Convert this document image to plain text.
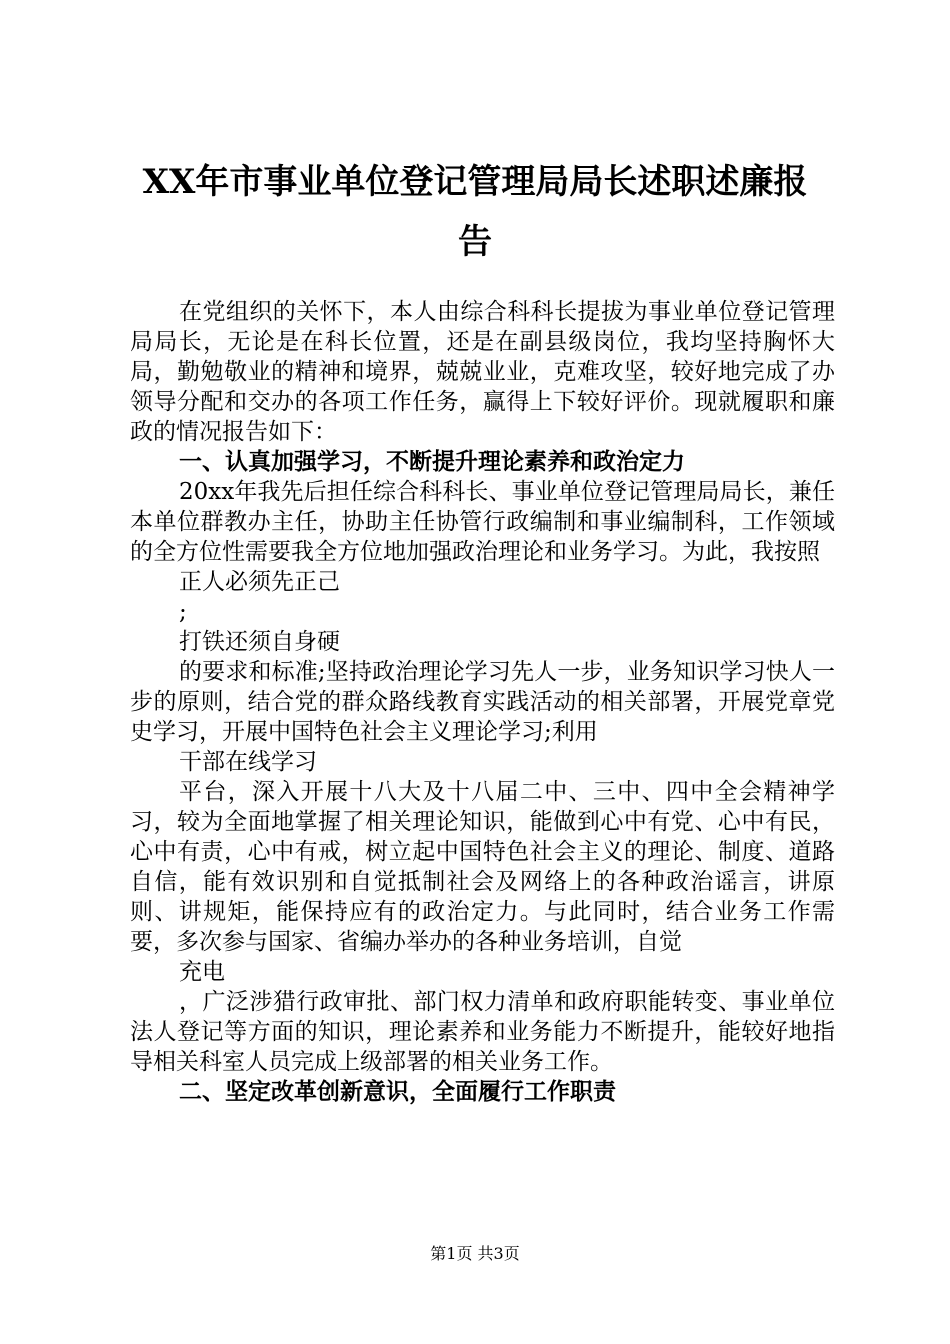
XX年市事业单位登记管理局局长述职述廉报
告

在党组织的关怀下，本人由综合科科长提拔为事业单位登记管理局局长，无论是在科长位置，还是在副县级岗位，我均坚持胸怀大局，勤勉敬业的精神和境界，兢兢业业，克难攻坚，较好地完成了办领导分配和交办的各项工作任务，赢得上下较好评价。现就履职和廉政的情况报告如下：

一、认真加强学习，不断提升理论素养和政治定力

20xx年我先后担任综合科科长、事业单位登记管理局局长，兼任本单位群教办主任，协助主任协管行政编制和事业编制科，工作领域的全方位性需要我全方位地加强政治理论和业务学习。为此，我按照

正人必须先正己

;

打铁还须自身硬

的要求和标准;坚持政治理论学习先人一步，业务知识学习快人一步的原则，结合党的群众路线教育实践活动的相关部署，开展党章党史学习，开展中国特色社会主义理论学习;利用

干部在线学习

平台，深入开展十八大及十八届二中、三中、四中全会精神学习，较为全面地掌握了相关理论知识，能做到心中有党、心中有民，心中有责，心中有戒，树立起中国特色社会主义的理论、制度、道路自信，能有效识别和自觉抵制社会及网络上的各种政治谣言，讲原则、讲规矩，能保持应有的政治定力。与此同时，结合业务工作需要，多次参与国家、省编办举办的各种业务培训，自觉

充电

，广泛涉猎行政审批、部门权力清单和政府职能转变、事业单位法人登记等方面的知识，理论素养和业务能力不断提升，能较好地指导相关科室人员完成上级部署的相关业务工作。

二、坚定改革创新意识，全面履行工作职责

第1页 共3页
